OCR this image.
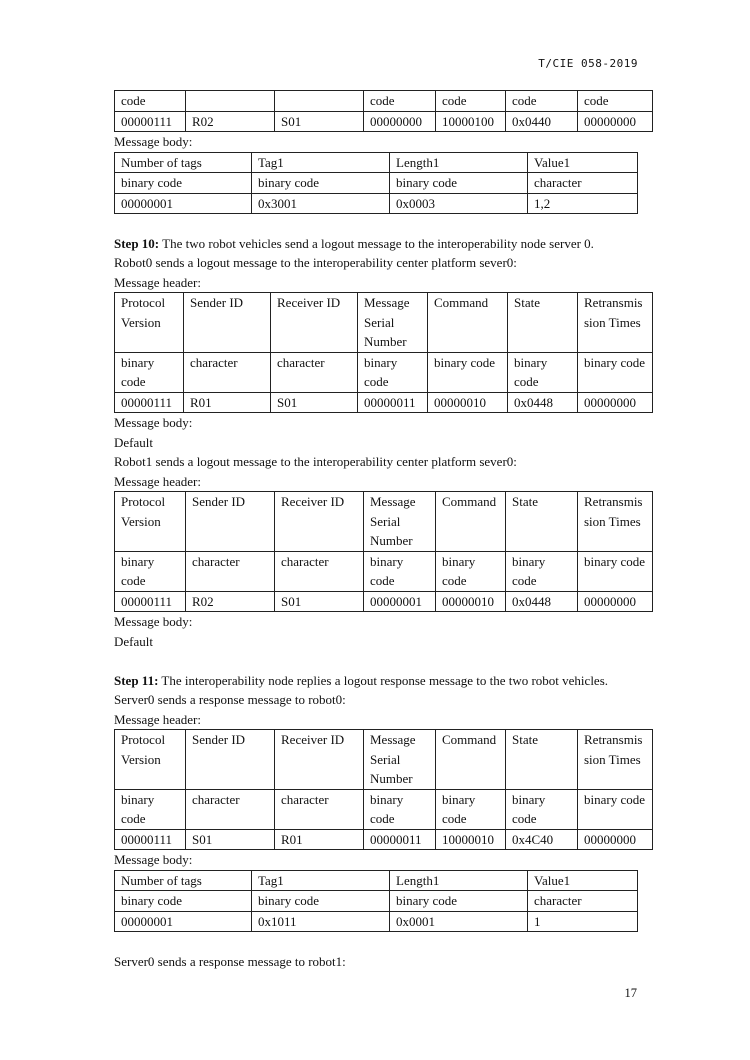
T/CIE 058-2019
code			code	code	code	code
00000111	R02	S01	00000000	10000100	0x0440	00000000
Message body:
Number of tags	Tag1	Length1	Value1
binary code	binary code	binary code	character
00000001	0x3001	0x0003	1,2
Step 10: The two robot vehicles send a logout message to the interoperability node server 0.
Robot0 sends a logout message to the interoperability center platform sever0:
Message header:
Protocol Version	Sender ID	Receiver ID	Message Serial Number	Command	State	Retransmission Times
binary code	character	character	binary code	binary code	binary code	binary code
00000111	R01	S01	00000011	00000010	0x0448	00000000
Message body:
Default
Robot1 sends a logout message to the interoperability center platform sever0:
Message header:
Protocol Version	Sender ID	Receiver ID	Message Serial Number	Command	State	Retransmission Times
binary code	character	character	binary code	binary code	binary code	binary code
00000111	R02	S01	00000001	00000010	0x0448	00000000
Message body:
Default
Step 11: The interoperability node replies a logout response message to the two robot vehicles.
Server0 sends a response message to robot0:
Message header:
Protocol Version	Sender ID	Receiver ID	Message Serial Number	Command	State	Retransmission Times
binary code	character	character	binary code	binary code	binary code	binary code
00000111	S01	R01	00000011	10000010	0x4C40	00000000
Message body:
Number of tags	Tag1	Length1	Value1
binary code	binary code	binary code	character
00000001	0x1011	0x0001	1
Server0 sends a response message to robot1:
17
